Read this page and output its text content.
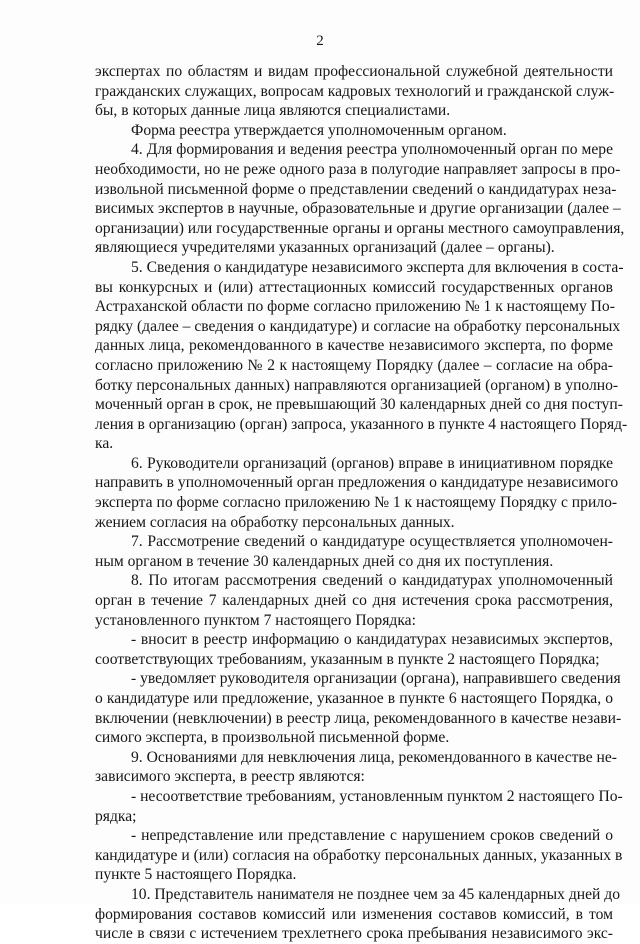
2
экспертах по областям и видам профессиональной служебной деятельности
гражданских служащих, вопросам кадровых технологий и гражданской служ-
бы, в которых данные лица являются специалистами.
Форма реестра утверждается уполномоченным органом.
4. Для формирования и ведения реестра уполномоченный орган по мере
необходимости, но не реже одного раза в полугодие направляет запросы в про-
извольной письменной форме о представлении сведений о кандидатурах неза-
висимых экспертов в научные, образовательные и другие организации (далее –
организации) или государственные органы и органы местного самоуправления,
являющиеся учредителями указанных организаций (далее – органы).
5. Сведения о кандидатуре независимого эксперта для включения в соста-
вы конкурсных и (или) аттестационных комиссий государственных органов
Астраханской области по форме согласно приложению № 1 к настоящему По-
рядку (далее – сведения о кандидатуре) и согласие на обработку персональных
данных лица, рекомендованного в качестве независимого эксперта, по форме
согласно приложению № 2 к настоящему Порядку (далее – согласие на обра-
ботку персональных данных) направляются организацией (органом) в уполно-
моченный орган в срок, не превышающий 30 календарных дней со дня поступ-
ления в организацию (орган) запроса, указанного в пункте 4 настоящего Поряд-
ка.
6. Руководители организаций (органов) вправе в инициативном порядке
направить в уполномоченный орган предложения о кандидатуре независимого
эксперта по форме согласно приложению № 1 к настоящему Порядку с прило-
жением согласия на обработку персональных данных.
7. Рассмотрение сведений о кандидатуре осуществляется уполномочен-
ным органом в течение 30 календарных дней со дня их поступления.
8. По итогам рассмотрения сведений о кандидатурах уполномоченный
орган в течение 7 календарных дней со дня истечения срока рассмотрения,
установленного пунктом 7 настоящего Порядка:
- вносит в реестр информацию о кандидатурах независимых экспертов,
соответствующих требованиям, указанным в пункте 2 настоящего Порядка;
- уведомляет руководителя организации (органа), направившего сведения
о кандидатуре или предложение, указанное в пункте 6 настоящего Порядка, о
включении (невключении) в реестр лица, рекомендованного в качестве незави-
симого эксперта, в произвольной письменной форме.
9. Основаниями для невключения лица, рекомендованного в качестве не-
зависимого эксперта, в реестр являются:
- несоответствие требованиям, установленным пунктом 2 настоящего По-
рядка;
- непредставление или представление с нарушением сроков сведений о
кандидатуре и (или) согласия на обработку персональных данных, указанных в
пункте 5 настоящего Порядка.
10. Представитель нанимателя не позднее чем за 45 календарных дней до
формирования составов комиссий или изменения составов комиссий, в том
числе в связи с истечением трехлетнего срока пребывания независимого экс-
